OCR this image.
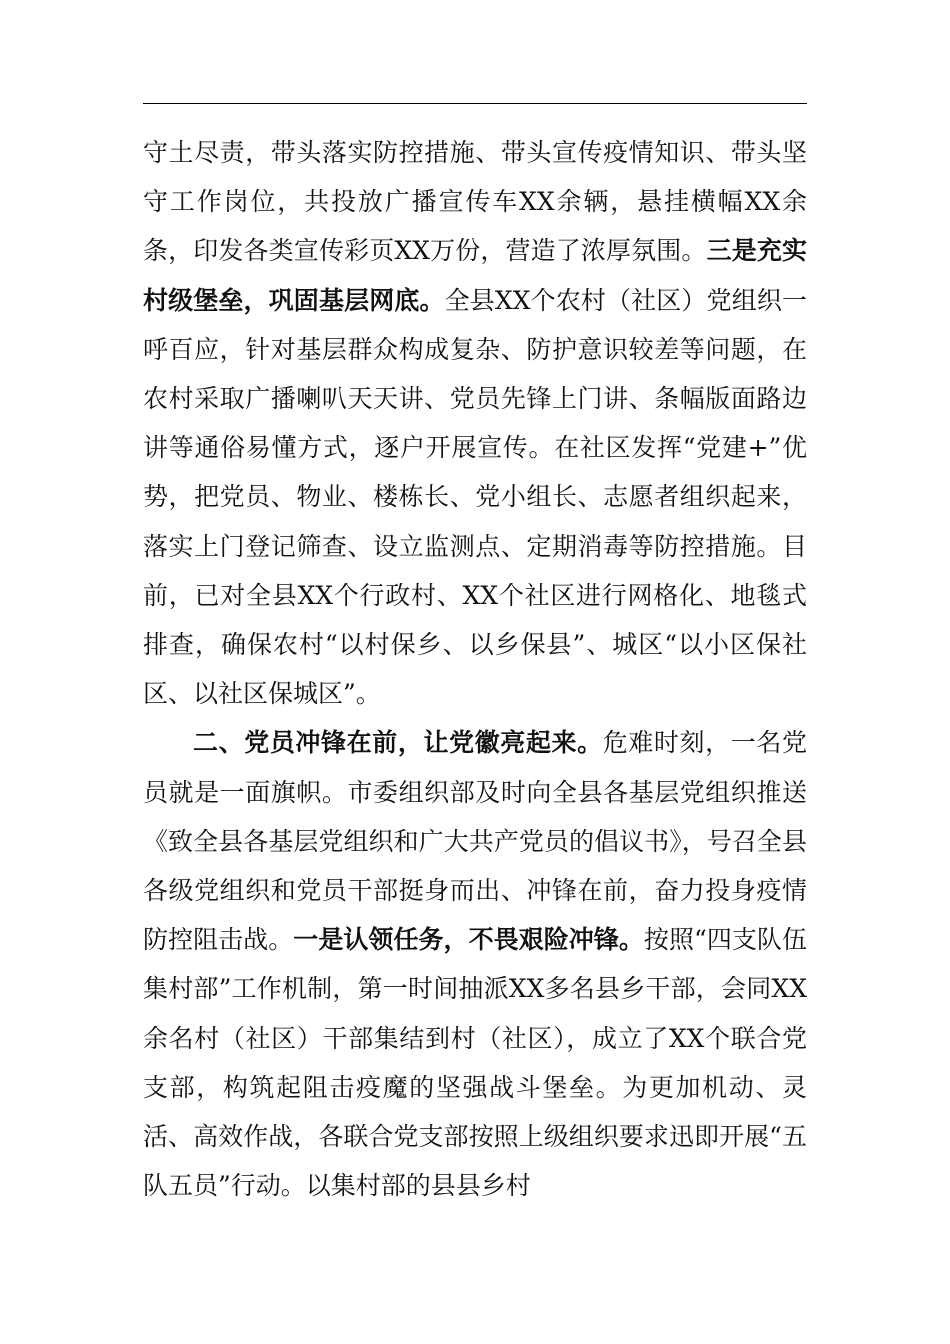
守土尽责，带头落实防控措施、带头宣传疫情知识、带头坚守工作岗位，共投放广播宣传车XX余辆，悬挂横幅XX余条，印发各类宣传彩页XX万份，营造了浓厚氛围。三是充实村级堡垒，巩固基层网底。全县XX个农村（社区）党组织一呼百应，针对基层群众构成复杂、防护意识较差等问题，在农村采取广播喇叭天天讲、党员先锋上门讲、条幅版面路边讲等通俗易懂方式，逐户开展宣传。在社区发挥“党建+”优势，把党员、物业、楼栋长、党小组长、志愿者组织起来，落实上门登记筛查、设立监测点、定期消毒等防控措施。目前，已对全县XX个行政村、XX个社区进行网格化、地毯式排查，确保农村“以村保乡、以乡保县”、城区“以小区保社区、以社区保城区”。

二、党员冲锋在前，让党徽亮起来。危难时刻，一名党员就是一面旗帜。市委组织部及时向全县各基层党组织推送《致全县各基层党组织和广大共产党员的倡议书》，号召全县各级党组织和党员干部挺身而出、冲锋在前，奋力投身疫情防控阻击战。一是认领任务，不畏艰险冲锋。按照“四支队伍集村部”工作机制，第一时间抽派XX多名县乡干部，会同XX余名村（社区）干部集结到村（社区），成立了XX个联合党支部，构筑起阻击疫魔的坚强战斗堡垒。为更加机动、灵活、高效作战，各联合党支部按照上级组织要求迅即开展“五队五员”行动。以集村部的县县乡村
